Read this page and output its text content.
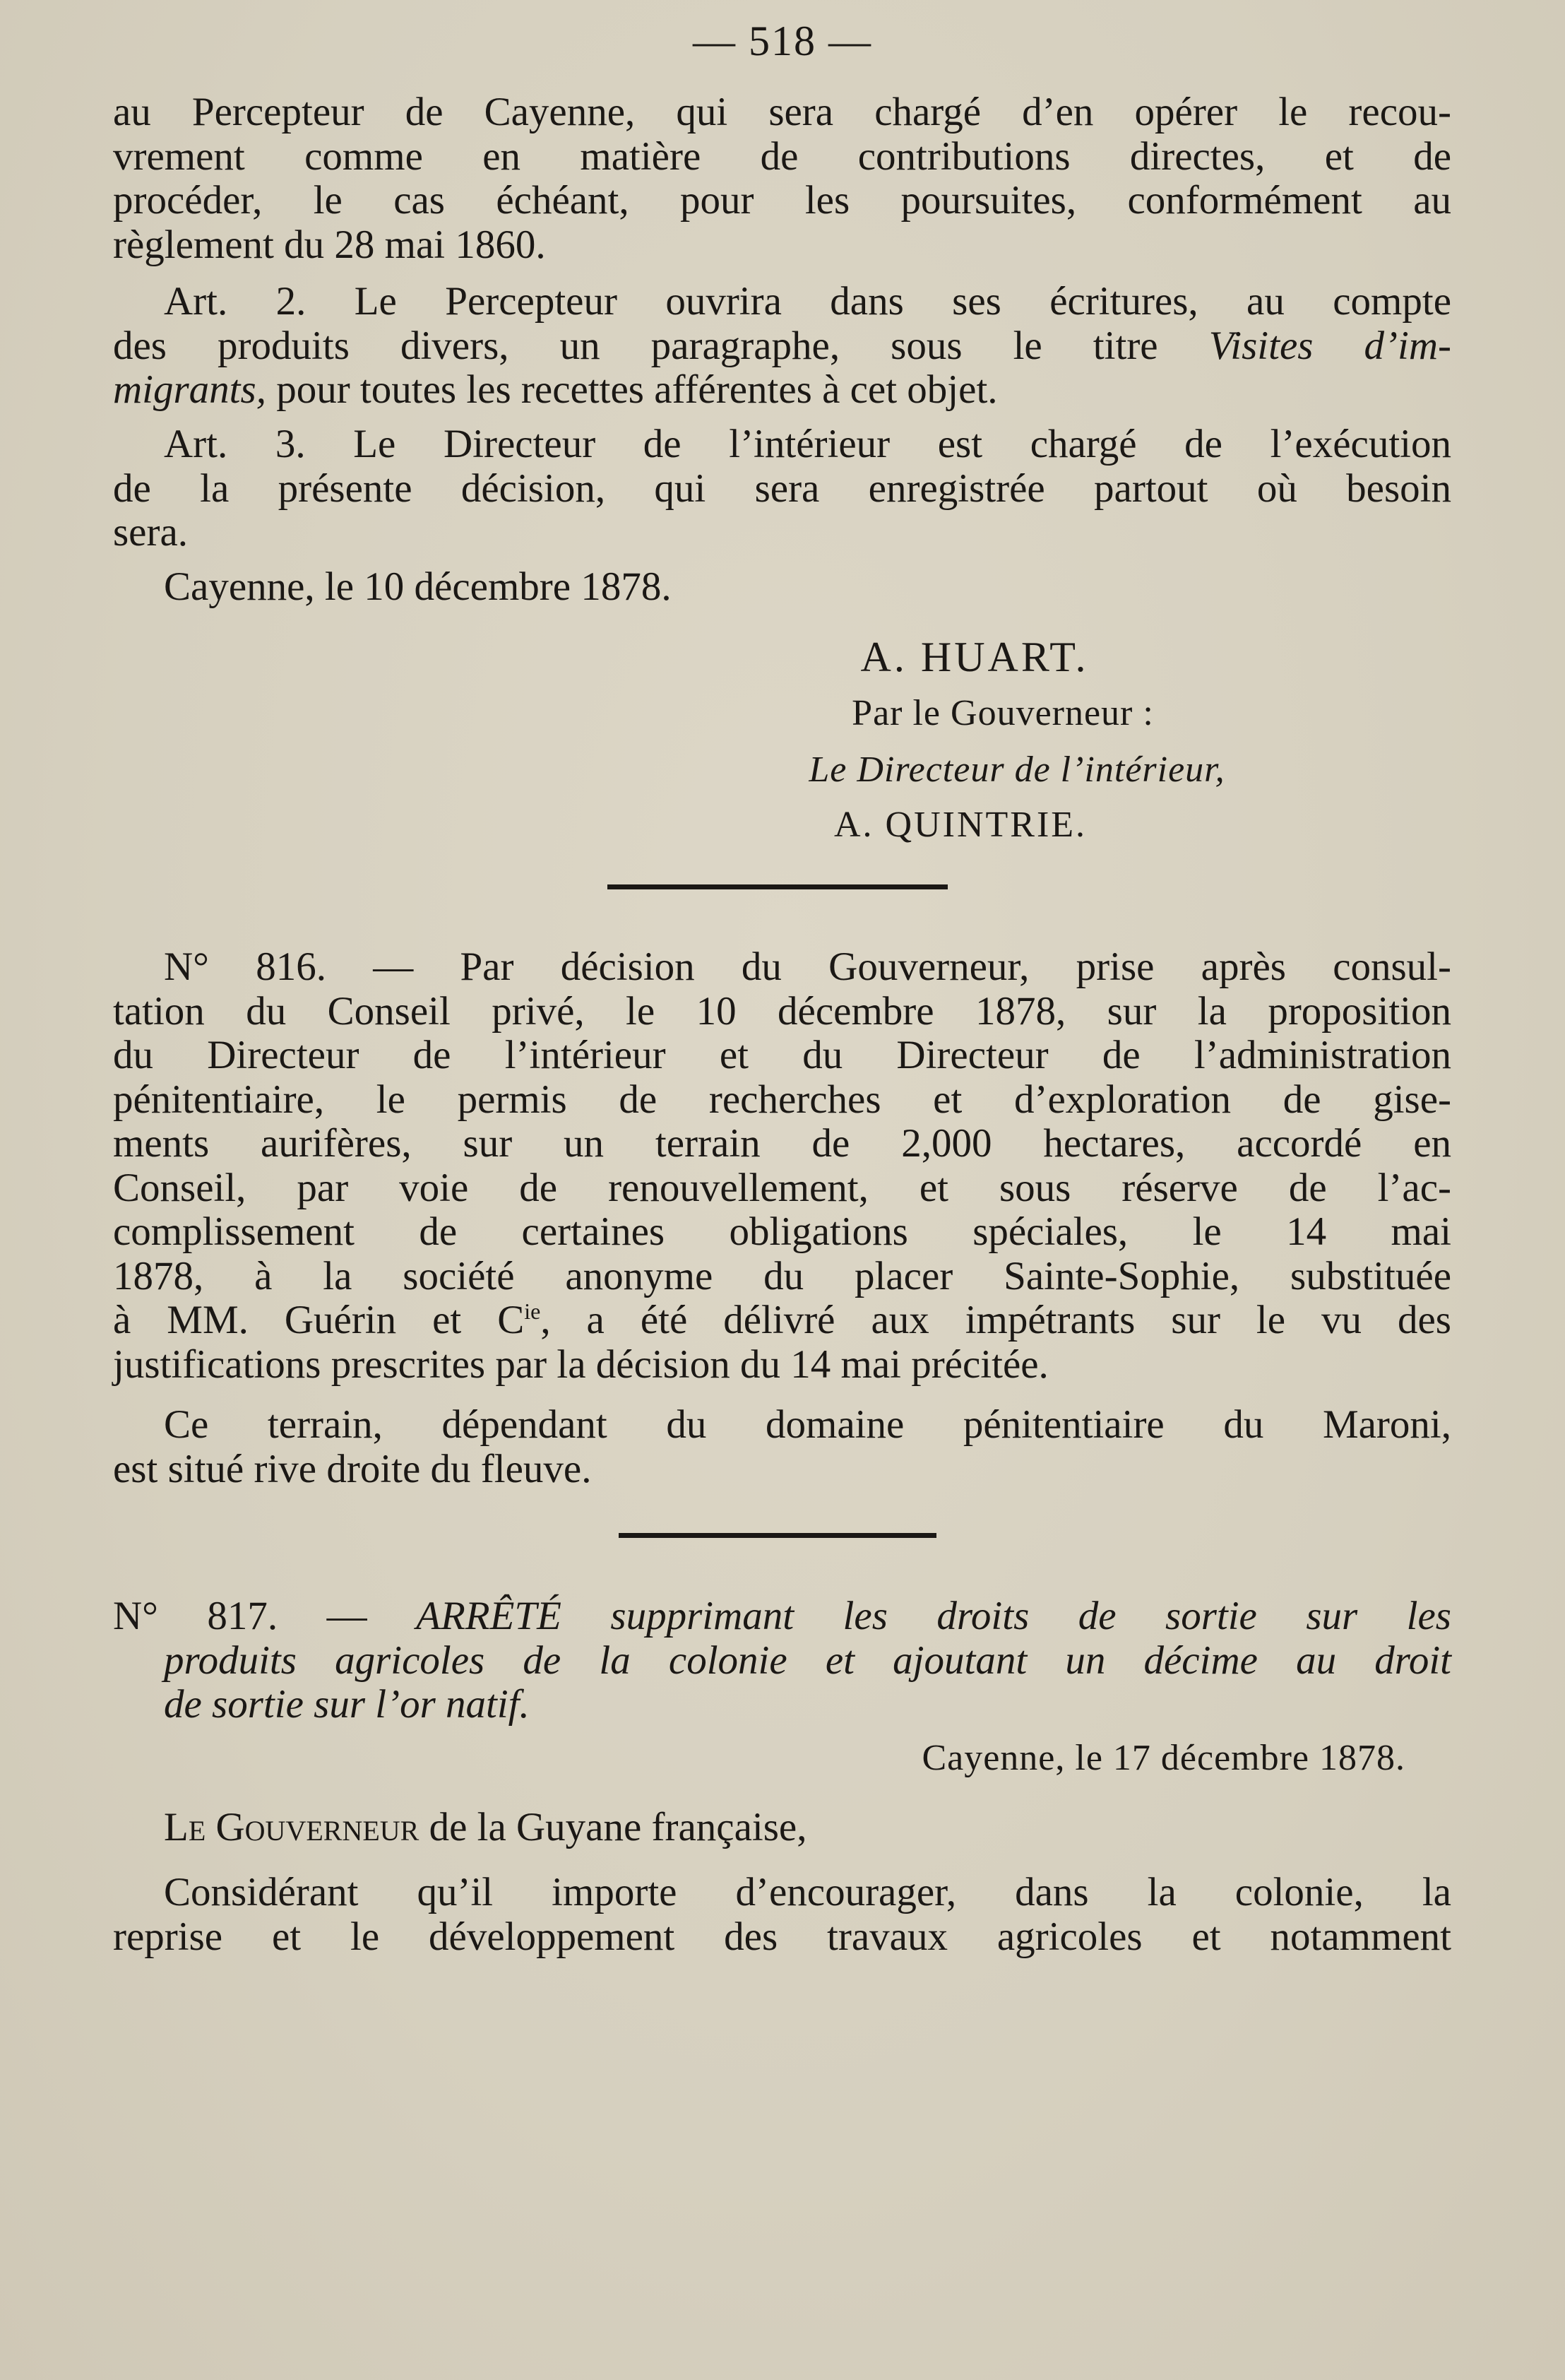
— 518 —
au Percepteur de Cayenne, qui sera chargé d’en opérer le recou-
vrement comme en matière de contributions directes, et de
procéder, le cas échéant, pour les poursuites, conformément au
règlement du 28 mai 1860.
Art. 2. Le Percepteur ouvrira dans ses écritures, au compte
des produits divers, un paragraphe, sous le titre Visites d’im-
migrants, pour toutes les recettes afférentes à cet objet.
Art. 3. Le Directeur de l’intérieur est chargé de l’exécution
de la présente décision, qui sera enregistrée partout où besoin
sera.
Cayenne, le 10 décembre 1878.
A. HUART.
Par le Gouverneur :
Le Directeur de l’intérieur,
A. QUINTRIE.
N° 816. — Par décision du Gouverneur, prise après consul-
tation du Conseil privé, le 10 décembre 1878, sur la proposition
du Directeur de l’intérieur et du Directeur de l’administration
pénitentiaire, le permis de recherches et d’exploration de gise-
ments aurifères, sur un terrain de 2,000 hectares, accordé en
Conseil, par voie de renouvellement, et sous réserve de l’ac-
complissement de certaines obligations spéciales, le 14 mai
1878, à la société anonyme du placer Sainte-Sophie, substituée
à MM. Guérin et $C^{ie}$, a été délivré aux impétrants sur le vu des
justifications prescrites par la décision du 14 mai précitée.
Ce terrain, dépendant du domaine pénitentiaire du Maroni,
est situé rive droite du fleuve.
N° 817. — ARRÊTÉ supprimant les droits de sortie sur les
produits agricoles de la colonie et ajoutant un décime au droit
de sortie sur l’or natif.
Cayenne, le 17 décembre 1878.
Le Gouverneur de la Guyane française,
Considérant qu’il importe d’encourager, dans la colonie, la
reprise et le développement des travaux agricoles et notamment
